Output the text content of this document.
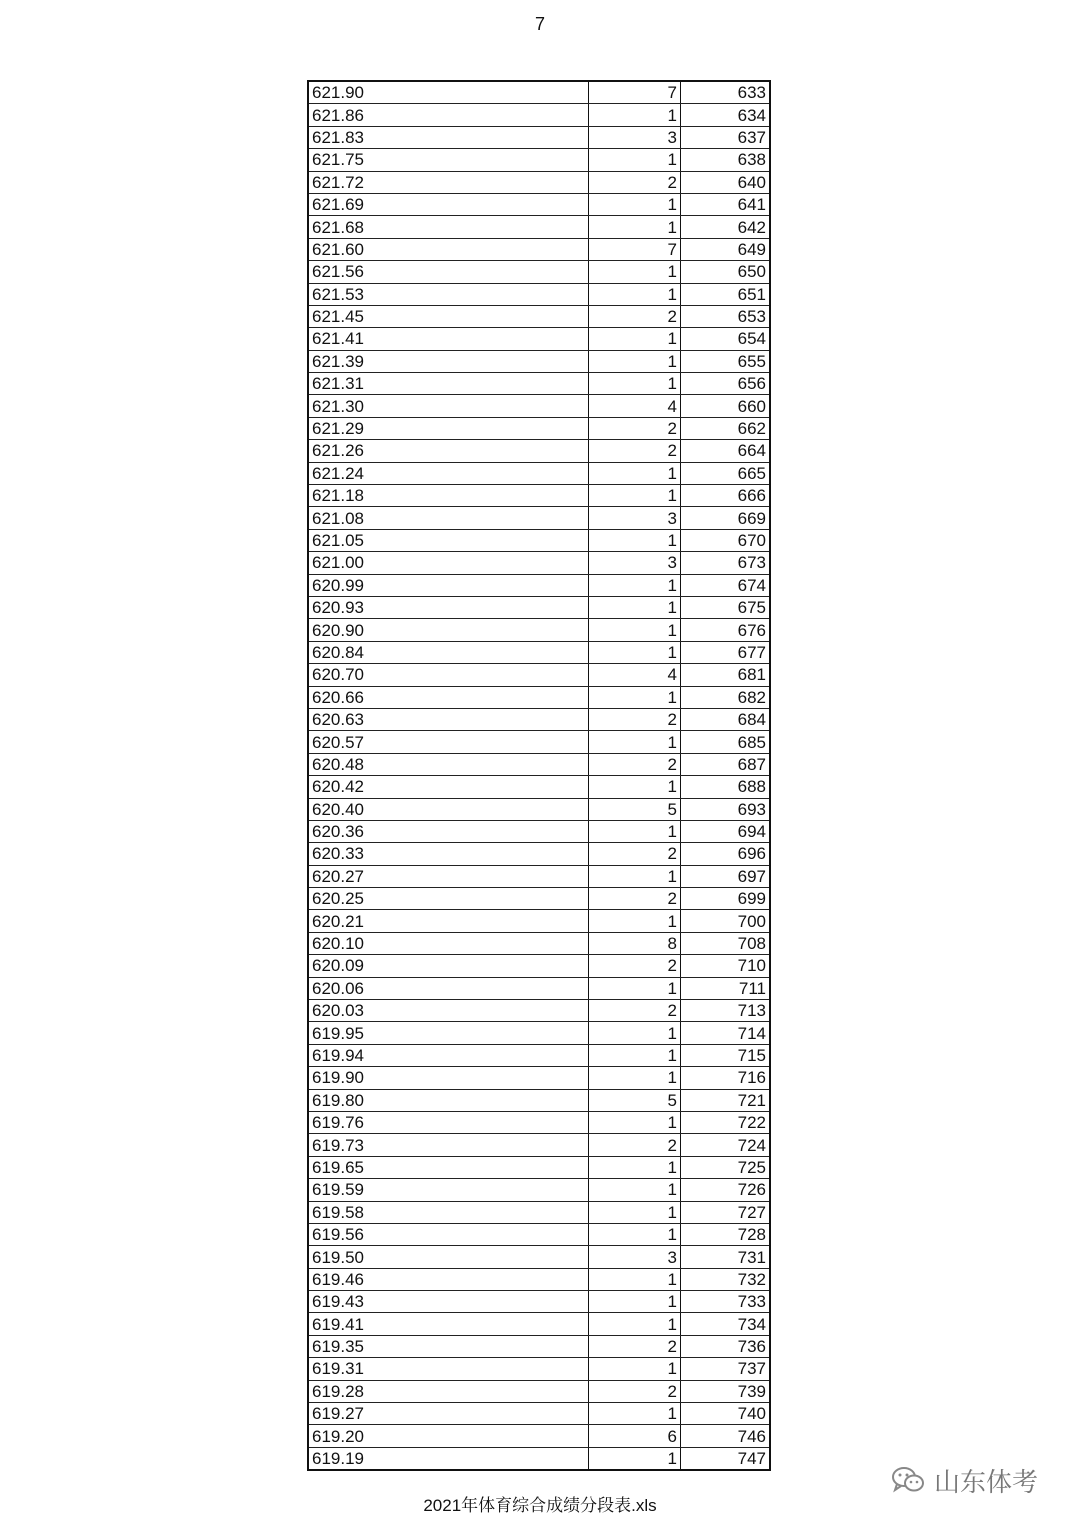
7
621.90	7	633
621.86	1	634
621.83	3	637
621.75	1	638
621.72	2	640
621.69	1	641
621.68	1	642
621.60	7	649
621.56	1	650
621.53	1	651
621.45	2	653
621.41	1	654
621.39	1	655
621.31	1	656
621.30	4	660
621.29	2	662
621.26	2	664
621.24	1	665
621.18	1	666
621.08	3	669
621.05	1	670
621.00	3	673
620.99	1	674
620.93	1	675
620.90	1	676
620.84	1	677
620.70	4	681
620.66	1	682
620.63	2	684
620.57	1	685
620.48	2	687
620.42	1	688
620.40	5	693
620.36	1	694
620.33	2	696
620.27	1	697
620.25	2	699
620.21	1	700
620.10	8	708
620.09	2	710
620.06	1	711
620.03	2	713
619.95	1	714
619.94	1	715
619.90	1	716
619.80	5	721
619.76	1	722
619.73	2	724
619.65	1	725
619.59	1	726
619.58	1	727
619.56	1	728
619.50	3	731
619.46	1	732
619.43	1	733
619.41	1	734
619.35	2	736
619.31	1	737
619.28	2	739
619.27	1	740
619.20	6	746
619.19	1	747
2021年体育综合成绩分段表.xls
山东体考
